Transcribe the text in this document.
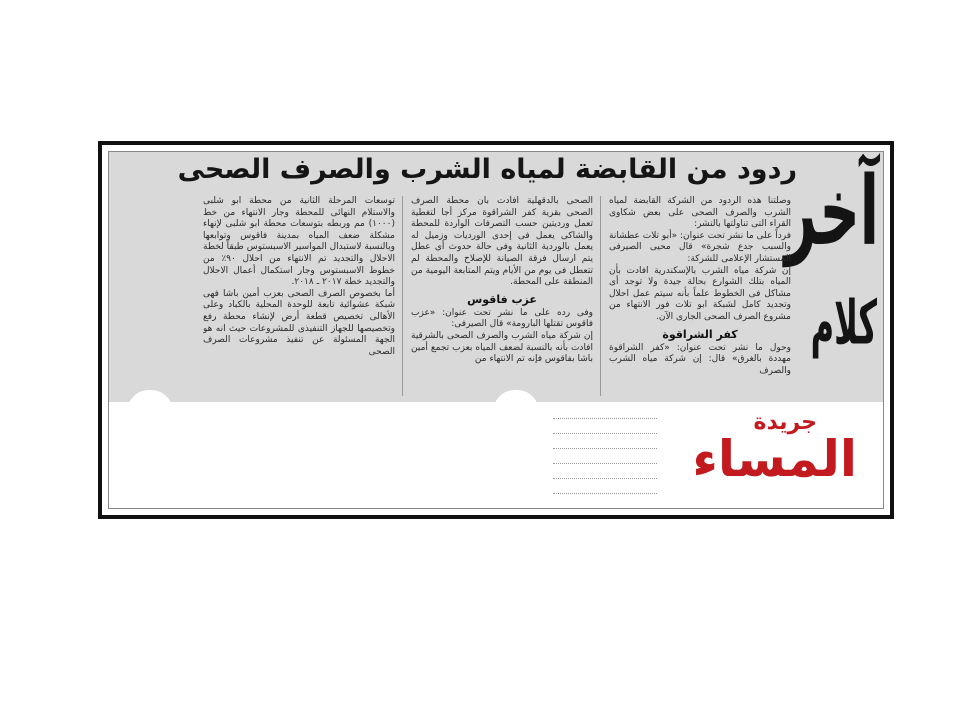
ردود من القابضة لمياه الشرب والصرف الصحى
آخر
كلام

وصلتنا هذه الردود من الشركة القابضة لمياه الشرب والصرف الصحى على بعض شكاوى القراء التى تناولتها بالنشر:

فرداً على ما نشر تحت عنوان: «أبو تلات عطشانة والسبب جدع شجرة» قال محيى الصيرفى المستشار الإعلامى للشركة:

إن شركة مياه الشرب بالإسكندرية افادت بأن المياه بتلك الشوارع بحالة جيدة ولا توجد أى مشاكل فى الخطوط علماً بأنه سيتم عمل احلال وتجديد كامل لشبكة ابو تلات فور الانتهاء من مشروع الصرف الصحى الجارى الآن.

كفر الشراقوة

وحول ما نشر تحت عنوان: «كفر الشراقوة مهددة بالغرق» قال: إن شركة مياه الشرب والصرف

الصحى بالدقهلية افادت بأن محطة الصرف الصحى بقرية كفر الشراقوة مركز أجا لتغطية تعمل ورديتين حسب التصرفات الواردة للمحطة والشاكى يعمل فى إحدى الورديات وزميل له يعمل بالوردية الثانية وفى حالة حدوث أى عطل يتم ارسال فرقة الصيانة للإصلاح والمحطة لم تتعطل فى يوم من الأيام ويتم المتابعة اليومية من المنطقة على المحطة.

عزب فاقوس

وفى رده على ما نشر تحت عنوان: «عزب فاقوس تقتلها البارومة» قال الصيرفى:

إن شركة مياه الشرب والصرف الصحى بالشرقية افادت بأنه بالنسبة لضعف المياه بعزب تجمع أمين باشا بفاقوس فإنه تم الانتهاء من

توسعات المرحلة الثانية من محطة ابو شلبى والاستلام النهائى للمحطة وجار الانتهاء من خط (١٠٠٠) مم وربطه بتوسعات محطة ابو شلبى لإنهاء مشكلة ضعف المياه بمدينة فاقوس وتوابعها وبالنسبة لاستبدال المواسير الاسبستوس طبقاً لخطة الاحلال والتجديد تم الانتهاء من احلال ٩٠٪ من خطوط الاسبستوس وجار استكمال أعمال الاحلال والتجديد خطة ٢٠١٧ ـ ٢٠١٨.

أما بخصوص الصرف الصحى بعزب أمين باشا فهى شبكة عشوائية تابعة للوحدة المحلية بالكباد وعلى الأهالى تخصيص قطعة أرض لإنشاء محطة رفع وتخصيصها للجهاز التنفيذى للمشروعات حيث انه هو الجهة المسئولة عن تنفيذ مشروعات الصرف الصحى

جريدة
المساء
